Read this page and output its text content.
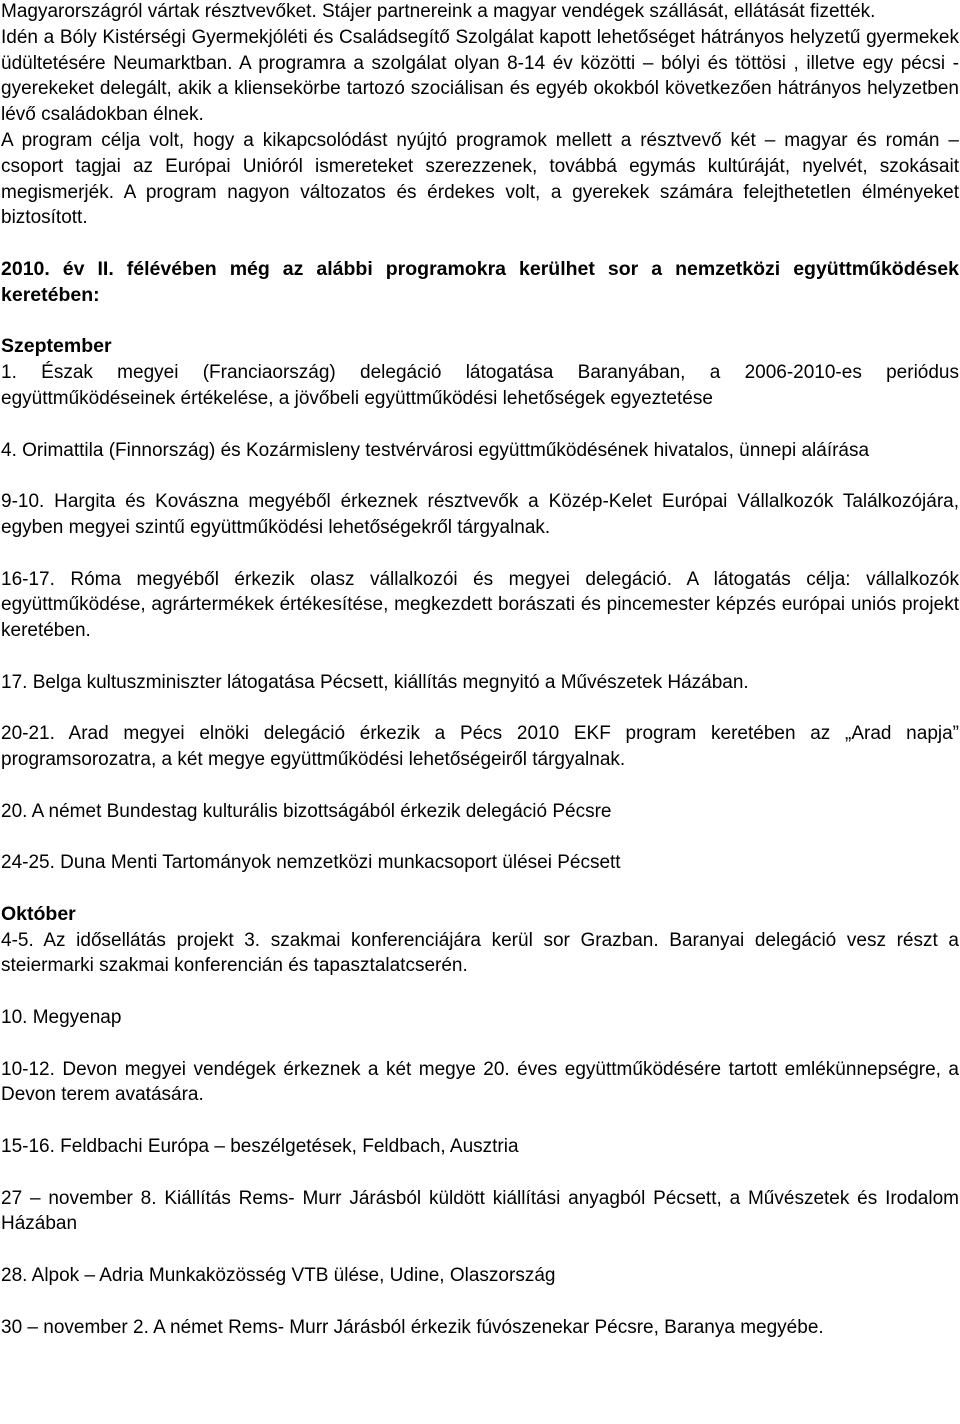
Magyarországról vártak résztvevőket. Stájer partnereink a magyar vendégek szállását, ellátását fizették.

Idén a Bóly Kistérségi Gyermekjóléti és Családsegítő Szolgálat kapott lehetőséget hátrányos helyzetű gyermekek üdültetésére Neumarktban. A programra a szolgálat olyan 8-14 év közötti – bólyi és töttösi , illetve egy pécsi - gyerekeket delegált, akik a kliensekörbe tartozó szociálisan és egyéb okokból következően hátrányos helyzetben lévő családokban élnek.

A program célja volt, hogy a kikapcsolódást nyújtó programok mellett a résztvevő két – magyar és román – csoport tagjai az Európai Unióról ismereteket szerezzenek, továbbá egymás kultúráját, nyelvét, szokásait megismerjék. A program nagyon változatos és érdekes volt, a gyerekek számára felejthetetlen élményeket biztosított.

2010. év II. félévében még az alábbi programokra kerülhet sor a nemzetközi együttműködések keretében:

Szeptember

1. Észak megyei (Franciaország) delegáció látogatása Baranyában, a 2006-2010-es periódus együttműködéseinek értékelése, a jövőbeli együttműködési lehetőségek egyeztetése

4. Orimattila (Finnország) és Kozármisleny testvérvárosi együttműködésének hivatalos, ünnepi aláírása

9-10. Hargita és Kovászna megyéből érkeznek résztvevők a Közép-Kelet Európai Vállalkozók Találkozójára, egyben megyei szintű együttműködési lehetőségekről tárgyalnak.

16-17. Róma megyéből érkezik olasz vállalkozói és megyei delegáció. A látogatás célja: vállalkozók együttműködése, agrártermékek értékesítése, megkezdett borászati és pincemester képzés európai uniós projekt keretében.

17. Belga kultuszminiszter látogatása Pécsett, kiállítás megnyitó a Művészetek Házában.

20-21. Arad megyei elnöki delegáció érkezik a Pécs 2010 EKF program keretében az „Arad napja” programsorozatra, a két megye együttműködési lehetőségeiről tárgyalnak.

20. A német Bundestag kulturális bizottságából érkezik delegáció Pécsre

24-25. Duna Menti Tartományok nemzetközi munkacsoport ülései Pécsett

Október

4-5. Az idősellátás projekt 3. szakmai konferenciájára kerül sor Grazban. Baranyai delegáció vesz részt a steiermarki szakmai konferencián és tapasztalatcserén.

10. Megyenap

10-12. Devon megyei vendégek érkeznek a két megye 20. éves együttműködésére tartott emlékünnepségre, a Devon terem avatására.

15-16. Feldbachi Európa – beszélgetések, Feldbach, Ausztria

27 – november 8. Kiállítás Rems- Murr Járásból küldött kiállítási anyagból Pécsett, a Művészetek és Irodalom Házában

28. Alpok – Adria Munkaközösség VTB ülése, Udine, Olaszország

30 – november 2. A német Rems- Murr Járásból érkezik fúvószenekar Pécsre, Baranya megyébe.
